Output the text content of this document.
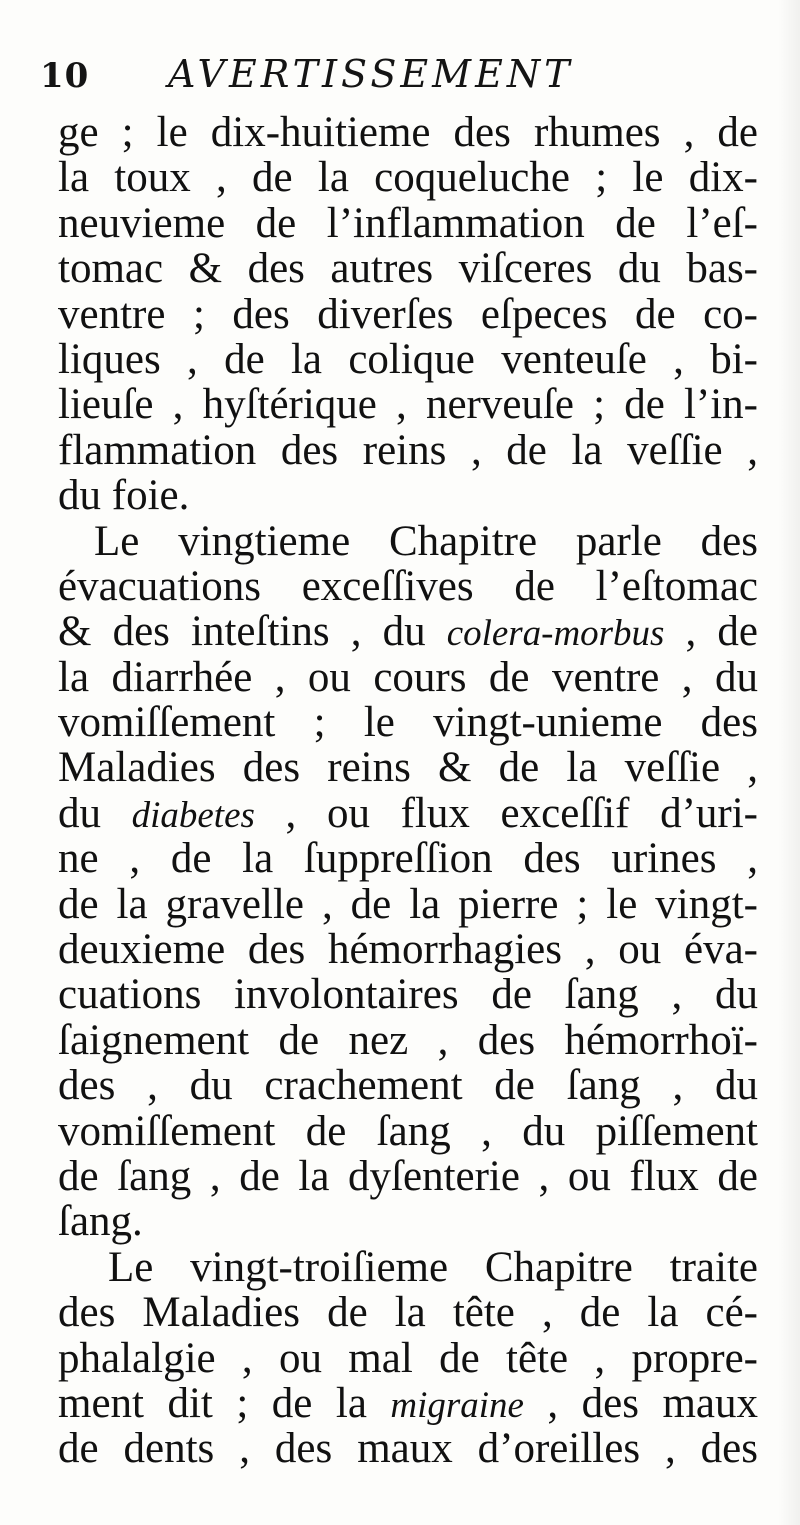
10 AVERTISSEMENT
ge ; le dix-huitieme des rhumes , de
la toux , de la coqueluche ; le dix-
neuvieme de l’inflammation de l’eſ-
tomac & des autres viſceres du bas-
ventre ; des diverſes eſpeces de co-
liques , de la colique venteuſe , bi-
lieuſe , hyſtérique , nerveuſe ; de l’in-
flammation des reins , de la veſſie ,
du foie.
Le vingtieme Chapitre parle des
évacuations exceſſives de l’eſtomac
& des inteſtins , du colera-morbus , de
la diarrhée , ou cours de ventre , du
vomiſſement ; le vingt-unieme des
Maladies des reins & de la veſſie ,
du diabetes , ou flux exceſſif d’uri-
ne , de la ſuppreſſion des urines ,
de la gravelle , de la pierre ; le vingt-
deuxieme des hémorrhagies , ou éva-
cuations involontaires de ſang , du
ſaignement de nez , des hémorrhoï-
des , du crachement de ſang , du
vomiſſement de ſang , du piſſement
de ſang , de la dyſenterie , ou flux de
ſang.
Le vingt-troiſieme Chapitre traite
des Maladies de la tête , de la cé-
phalalgie , ou mal de tête , propre-
ment dit ; de la migraine , des maux
de dents , des maux d’oreilles , des
